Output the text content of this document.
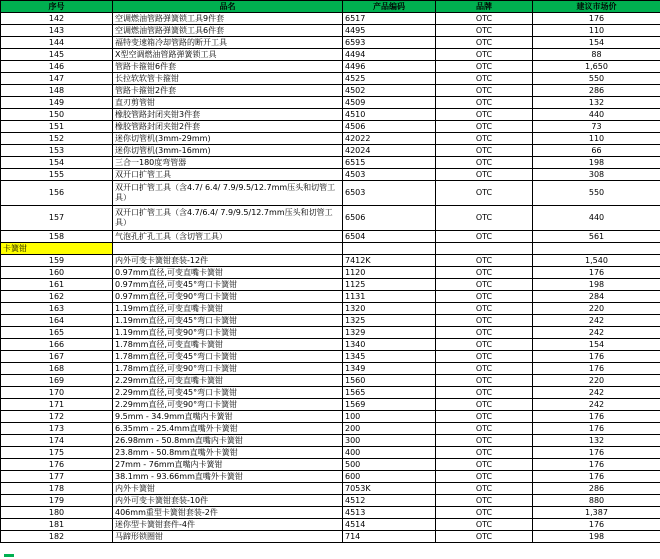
序号	品名	产品编码	品牌	建议市场价
142	空调燃油管路弹簧锁工具9件套	6517	OTC	176
143	空调燃油管路弹簧锁工具6件套	4495	OTC	110
144	福特变速箱冷却管路的断开工具	6593	OTC	154
145	X型空调燃油管路弹簧锁工具	4494	OTC	88
146	管路卡箍钳6件套	4496	OTC	1,650
147	长拉软软管卡箍钳	4525	OTC	550
148	管路卡箍钳2件套	4502	OTC	286
149	直刃剪管钳	4509	OTC	132
150	橡胶管路封闭夹钳3件套	4510	OTC	440
151	橡胶管路封闭夹钳2件套	4506	OTC	73
152	迷你切管机(3mm-29mm)	42022	OTC	110
153	迷你切管机(3mm-16mm)	42024	OTC	66
154	三合一180度弯管器	6515	OTC	198
155	双开口扩管工具	4503	OTC	308
156	双开口扩管工具（含4.7/ 6.4/ 7.9/9.5/12.7mm压头和切管工具）	6503	OTC	550
157	双开口扩管工具（含4.7/6.4/ 7.9/9.5/12.7mm压头和切管工具）	6506	OTC	440
158	气泡孔扩孔工具（含切管工具）	6504	OTC	561
卡簧钳				
159	内外可变卡簧钳套装-12件	7412K	OTC	1,540
160	0.97mm直径,可变直嘴卡簧钳	1120	OTC	176
161	0.97mm直径,可变45°弯口卡簧钳	1125	OTC	198
162	0.97mm直径,可变90°弯口卡簧钳	1131	OTC	284
163	1.19mm直径,可变直嘴卡簧钳	1320	OTC	220
164	1.19mm直径,可变45°弯口卡簧钳	1325	OTC	242
165	1.19mm直径,可变90°弯口卡簧钳	1329	OTC	242
166	1.78mm直径,可变直嘴卡簧钳	1340	OTC	154
167	1.78mm直径,可变45°弯口卡簧钳	1345	OTC	176
168	1.78mm直径,可变90°弯口卡簧钳	1349	OTC	176
169	2.29mm直径,可变直嘴卡簧钳	1560	OTC	220
170	2.29mm直径,可变45°弯口卡簧钳	1565	OTC	242
171	2.29mm直径,可变90°弯口卡簧钳	1569	OTC	242
172	9.5mm - 34.9mm直嘴内卡簧钳	100	OTC	176
173	6.35mm - 25.4mm直嘴外卡簧钳	200	OTC	176
174	26.98mm - 50.8mm直嘴内卡簧钳	300	OTC	132
175	23.8mm - 50.8mm直嘴外卡簧钳	400	OTC	176
176	27mm - 76mm直嘴内卡簧钳	500	OTC	176
177	38.1mm - 93.66mm直嘴外卡簧钳	600	OTC	176
178	内外卡簧钳	7053K	OTC	286
179	内外可变卡簧钳套装-10件	4512	OTC	880
180	406mm重型卡簧钳套装-2件	4513	OTC	1,387
181	迷你型卡簧钳套件-4件	4514	OTC	176
182	马蹄形锁圈钳	714	OTC	198
